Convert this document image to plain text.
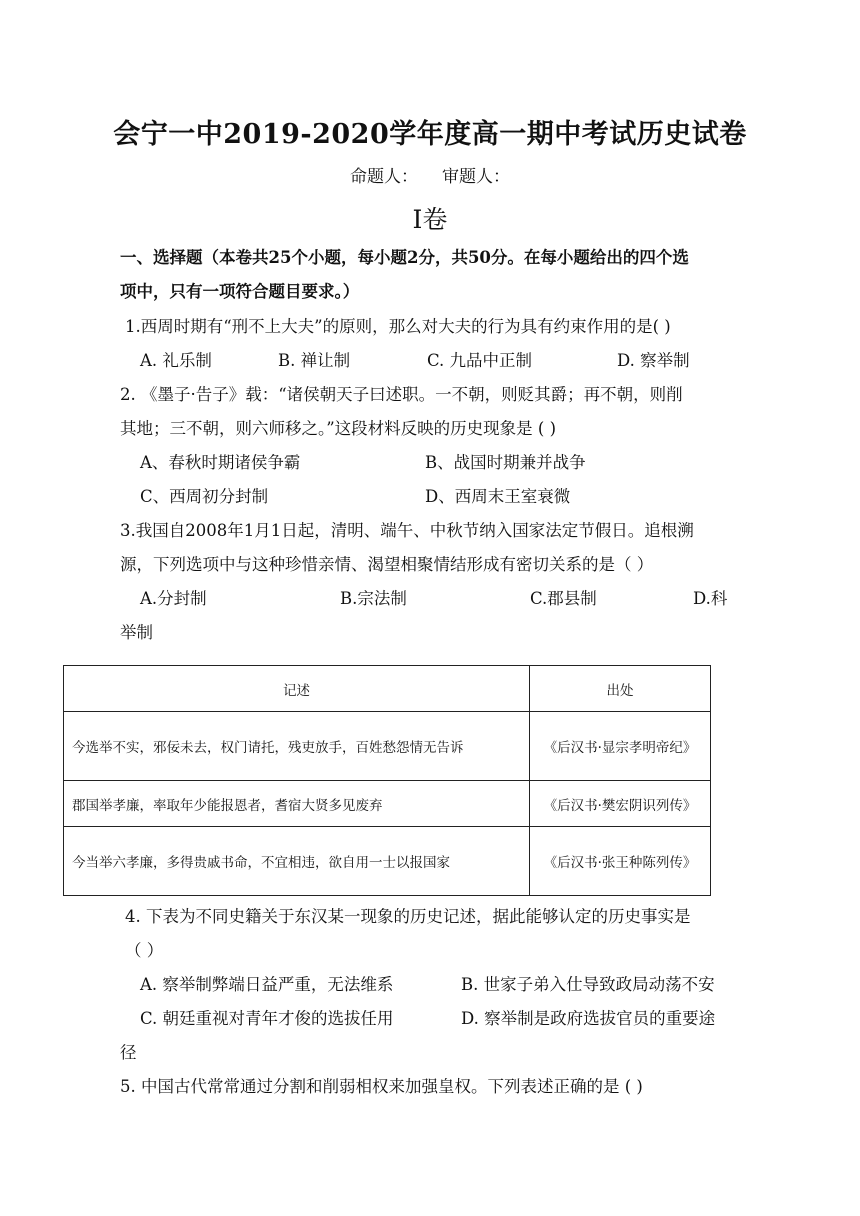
会宁一中2019-2020学年度高一期中考试历史试卷
命题人： 审题人：
Ⅰ卷
一、选择题（本卷共25个小题，每小题2分，共50分。在每小题给出的四个选
项中，只有一项符合题目要求。）
1.西周时期有“刑不上大夫”的原则，那么对大夫的行为具有约束作用的是( )
A. 礼乐制	B. 禅让制	C. 九品中正制	D. 察举制
2. 《墨子·告子》载：“诸侯朝天子曰述职。一不朝，则贬其爵；再不朝，则削
其地；三不朝，则六师移之。”这段材料反映的历史现象是 ( )
A、春秋时期诸侯争霸	B、战国时期兼并战争
C、西周初分封制	D、西周末王室衰微
3.我国自2008年1月1日起，清明、端午、中秋节纳入国家法定节假日。追根溯
源，下列选项中与这种珍惜亲情、渴望相聚情结形成有密切关系的是（ ）
A.分封制	B.宗法制	C.郡县制	D.科
举制
记述	出处
今选举不实，邪佞未去，权门请托，残吏放手，百姓愁怨情无告诉	《后汉书·显宗孝明帝纪》
郡国举孝廉，率取年少能报恩者，耆宿大贤多见废弃	《后汉书·樊宏阴识列传》
今当举六孝廉，多得贵戚书命，不宜相违，欲自用一士以报国家	《后汉书·张王种陈列传》
4. 下表为不同史籍关于东汉某一现象的历史记述，据此能够认定的历史事实是
（ ）
A. 察举制弊端日益严重，无法维系	B. 世家子弟入仕导致政局动荡不安
C. 朝廷重视对青年才俊的选拔任用	D. 察举制是政府选拔官员的重要途
径
5. 中国古代常常通过分割和削弱相权来加强皇权。下列表述正确的是 ( )
